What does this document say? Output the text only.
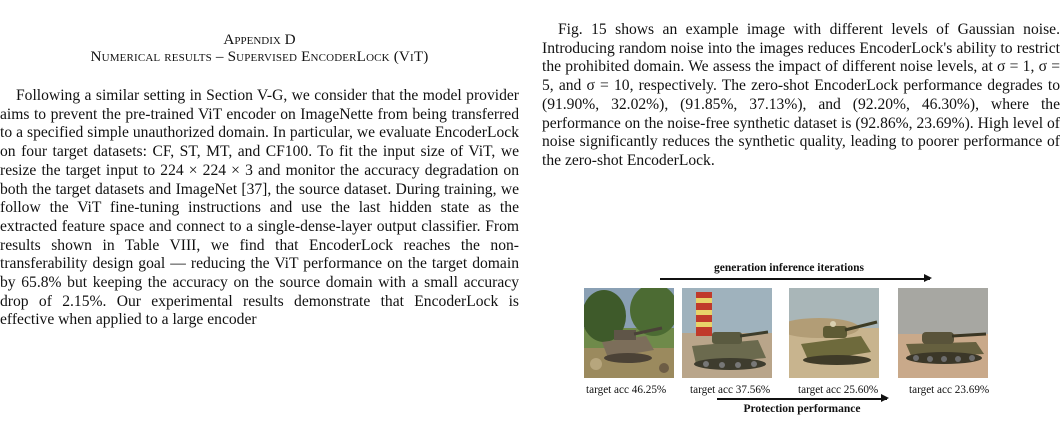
Appendix D
Numerical results – Supervised EncoderLock (ViT)

Following a similar setting in Section V-G, we consider that the model provider aims to prevent the pre-trained ViT encoder on ImageNette from being transferred to a specified simple unauthorized domain. In particular, we evaluate EncoderLock on four target datasets: CF, ST, MT, and CF100. To fit the input size of ViT, we resize the target input to 224 × 224 × 3 and monitor the accuracy degradation on both the target datasets and ImageNet [37], the source dataset. During training, we follow the ViT fine-tuning instructions and use the last hidden state as the extracted feature space and connect to a single-dense-layer output classifier. From results shown in Table VIII, we find that EncoderLock reaches the non-transferability design goal — reducing the ViT performance on the target domain by 65.8% but keeping the accuracy on the source domain with a small accuracy drop of 2.15%. Our experimental results demonstrate that EncoderLock is effective when applied to a large encoder

Fig. 15 shows an example image with different levels of Gaussian noise. Introducing random noise into the images reduces EncoderLock's ability to restrict the prohibited domain. We assess the impact of different noise levels, at σ = 1, σ = 5, and σ = 10, respectively. The zero-shot EncoderLock performance degrades to (91.90%, 32.02%), (91.85%, 37.13%), and (92.20%, 46.30%), where the performance on the noise-free synthetic dataset is (92.86%, 23.69%). High level of noise significantly reduces the synthetic quality, leading to poorer performance of the zero-shot EncoderLock.

generation inference iterations
target acc 46.25% target acc 37.56% target acc 25.60%	target acc 23.69%
Protection performance
